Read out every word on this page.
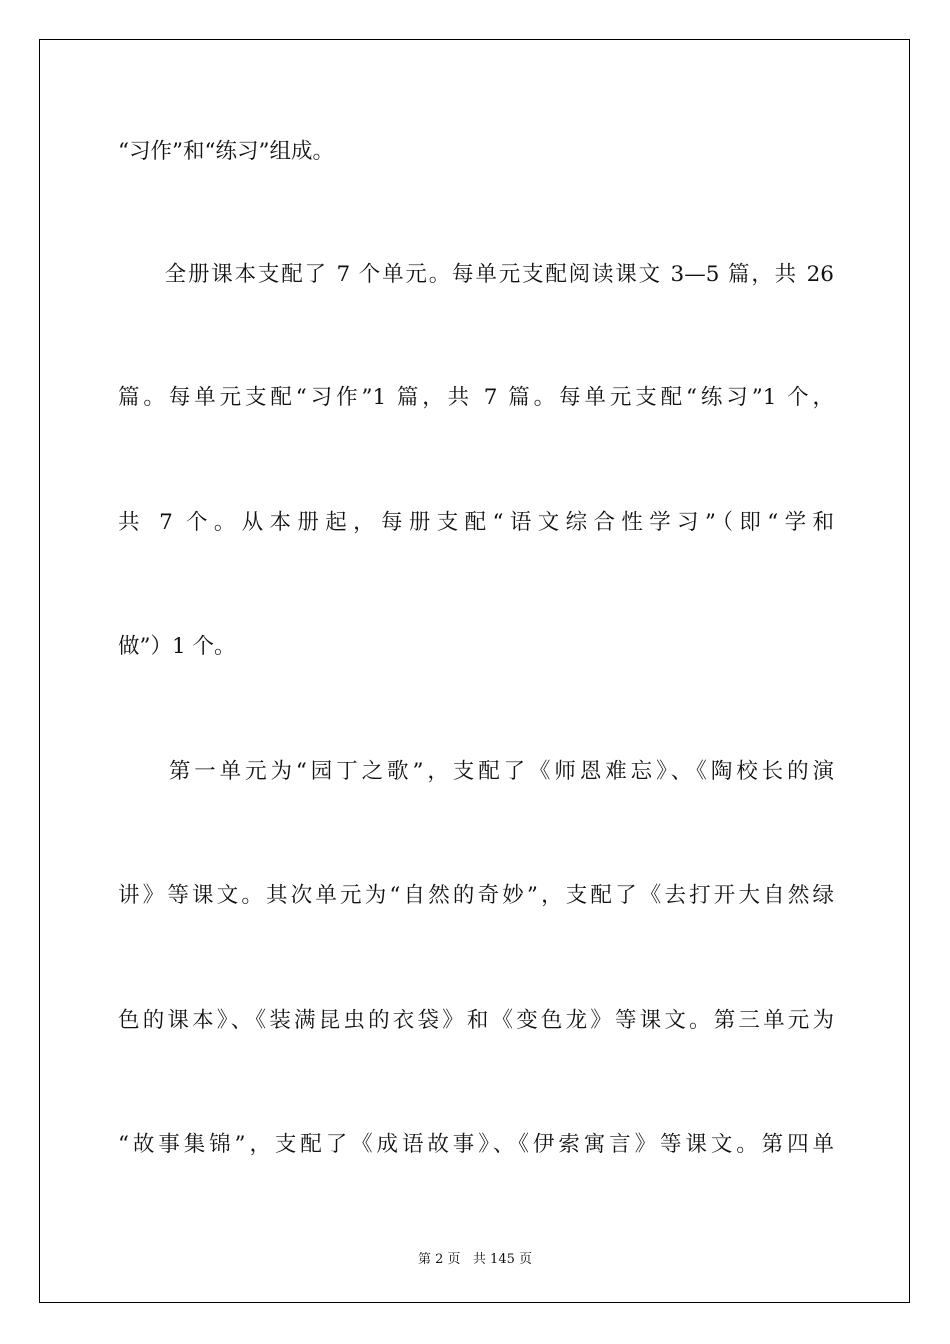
“习作”和“练习”组成。
　　全册课本支配了 7 个单元。每单元支配阅读课文 3—5 篇，共 26
篇。每单元支配“习作”1 篇，共 7 篇。每单元支配“练习”1 个，
共 7 个。从本册起，每册支配“语文综合性学习”（即“学和
做”）1 个。
　　第一单元为“园丁之歌”，支配了《师恩难忘》、《陶校长的演
讲》等课文。其次单元为“自然的奇妙”，支配了《去打开大自然绿
色的课本》、《装满昆虫的衣袋》和《变色龙》等课文。第三单元为
“故事集锦”，支配了《成语故事》、《伊索寓言》等课文。第四单
第 2 页   共 145 页
